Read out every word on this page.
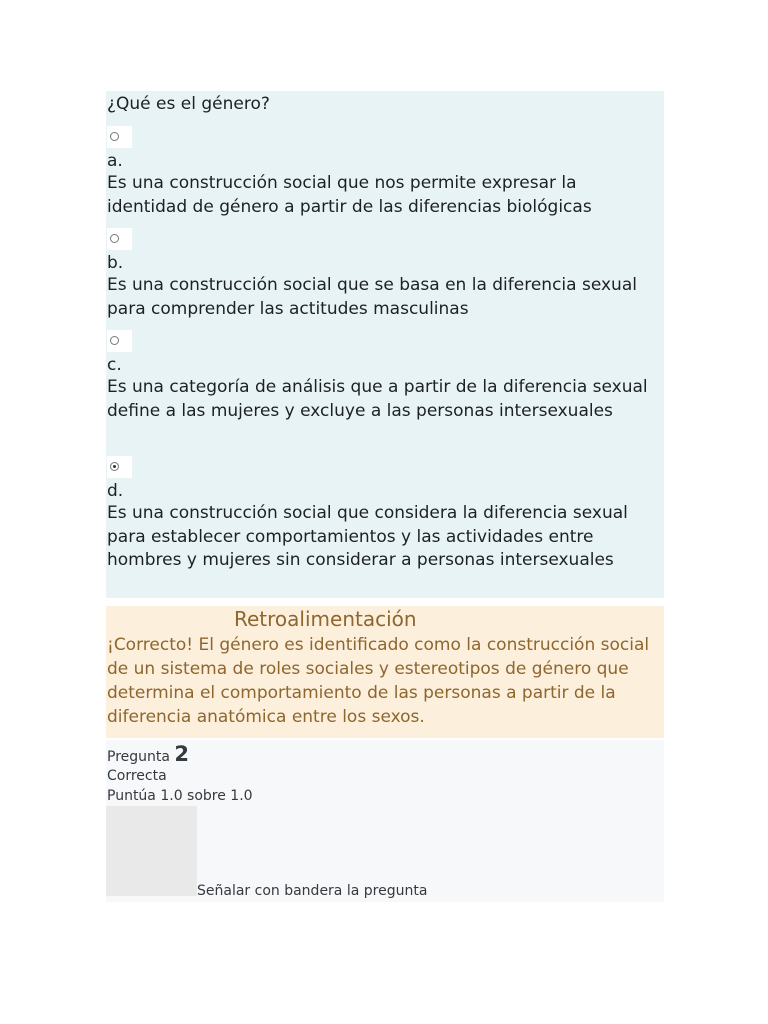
¿Qué es el género?
a.
Es una construcción social que nos permite expresar la identidad de género a partir de las diferencias biológicas
b.
Es una construcción social que se basa en la diferencia sexual para comprender las actitudes masculinas
c.
Es una categoría de análisis que a partir de la diferencia sexual define a las mujeres y excluye a las personas intersexuales
d.
Es una construcción social que considera la diferencia sexual para establecer comportamientos y las actividades entre hombres y mujeres sin considerar a personas intersexuales
Retroalimentación
¡Correcto! El género es identificado como la construcción social de un sistema de roles sociales y estereotipos de género que determina el comportamiento de las personas a partir de la diferencia anatómica entre los sexos.
Pregunta 2
Correcta
Puntúa 1.0 sobre 1.0
Señalar con bandera la pregunta
